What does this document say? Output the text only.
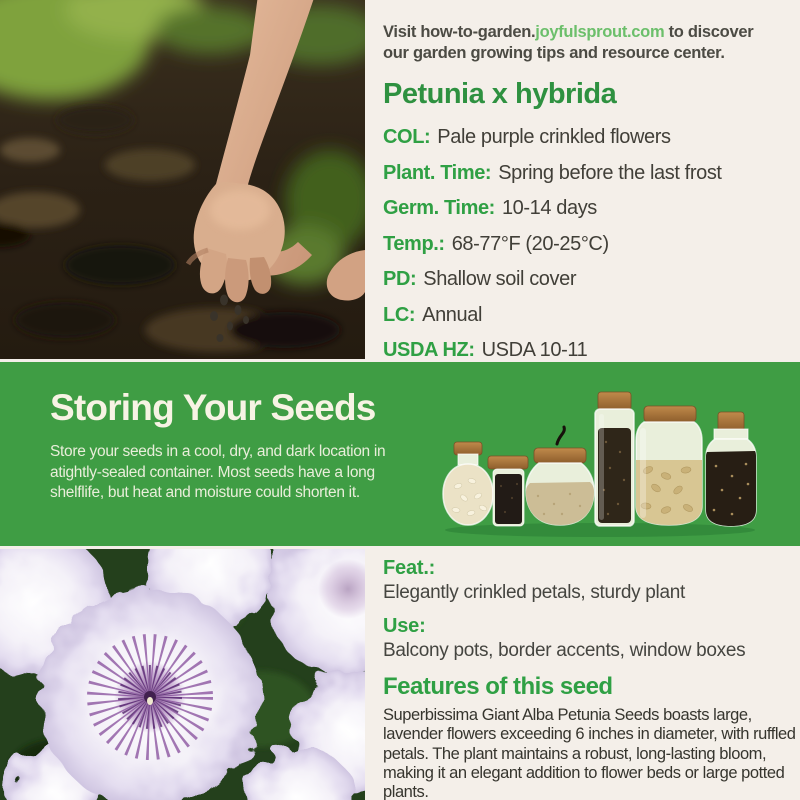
Visit how-to-garden.joyfulsprout.com to discover our garden growing tips and resource center.

Petunia x hybrida
COL: Pale purple crinkled flowers
Plant. Time: Spring before the last frost
Germ. Time: 10-14 days
Temp.: 68-77°F (20-25°C)
PD: Shallow soil cover
LC: Annual
USDA HZ: USDA 10-11
Storing Your Seeds

Store your seeds in a cool, dry, and dark location in atightly-sealed container. Most seeds have a long shelflife, but heat and moisture could shorten it.

Feat.:

Elegantly crinkled petals, sturdy plant

Use:

Balcony pots, border accents, window boxes

Features of this seed

Superbissima Giant Alba Petunia Seeds boasts large, lavender flowers exceeding 6 inches in diameter, with ruffled petals. The plant maintains a robust, long-lasting bloom, making it an elegant addition to flower beds or large potted plants.
